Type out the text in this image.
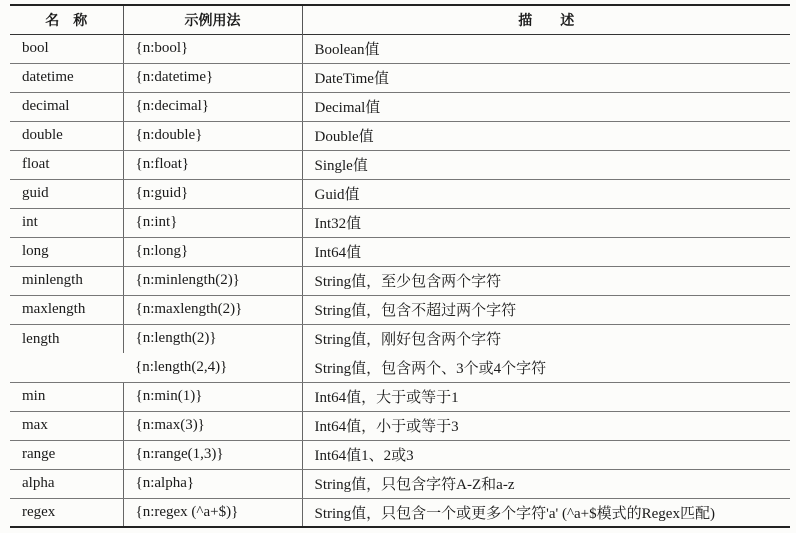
名　称	示例用法	描　　述
bool	{n:bool}	Boolean值
datetime	{n:datetime}	DateTime值
decimal	{n:decimal}	Decimal值
double	{n:double}	Double值
float	{n:float}	Single值
guid	{n:guid}	Guid值
int	{n:int}	Int32值
long	{n:long}	Int64值
minlength	{n:minlength(2)}	String值，至少包含两个字符
maxlength	{n:maxlength(2)}	String值，包含不超过两个字符
length	{n:length(2)}	String值，刚好包含两个字符
	{n:length(2,4)}	String值，包含两个、3个或4个字符
min	{n:min(1)}	Int64值，大于或等于1
max	{n:max(3)}	Int64值，小于或等于3
range	{n:range(1,3)}	Int64值1、2或3
alpha	{n:alpha}	String值，只包含字符A-Z和a-z
regex	{n:regex (^a+$)}	String值，只包含一个或更多个字符'a' (^a+$模式的Regex匹配)
